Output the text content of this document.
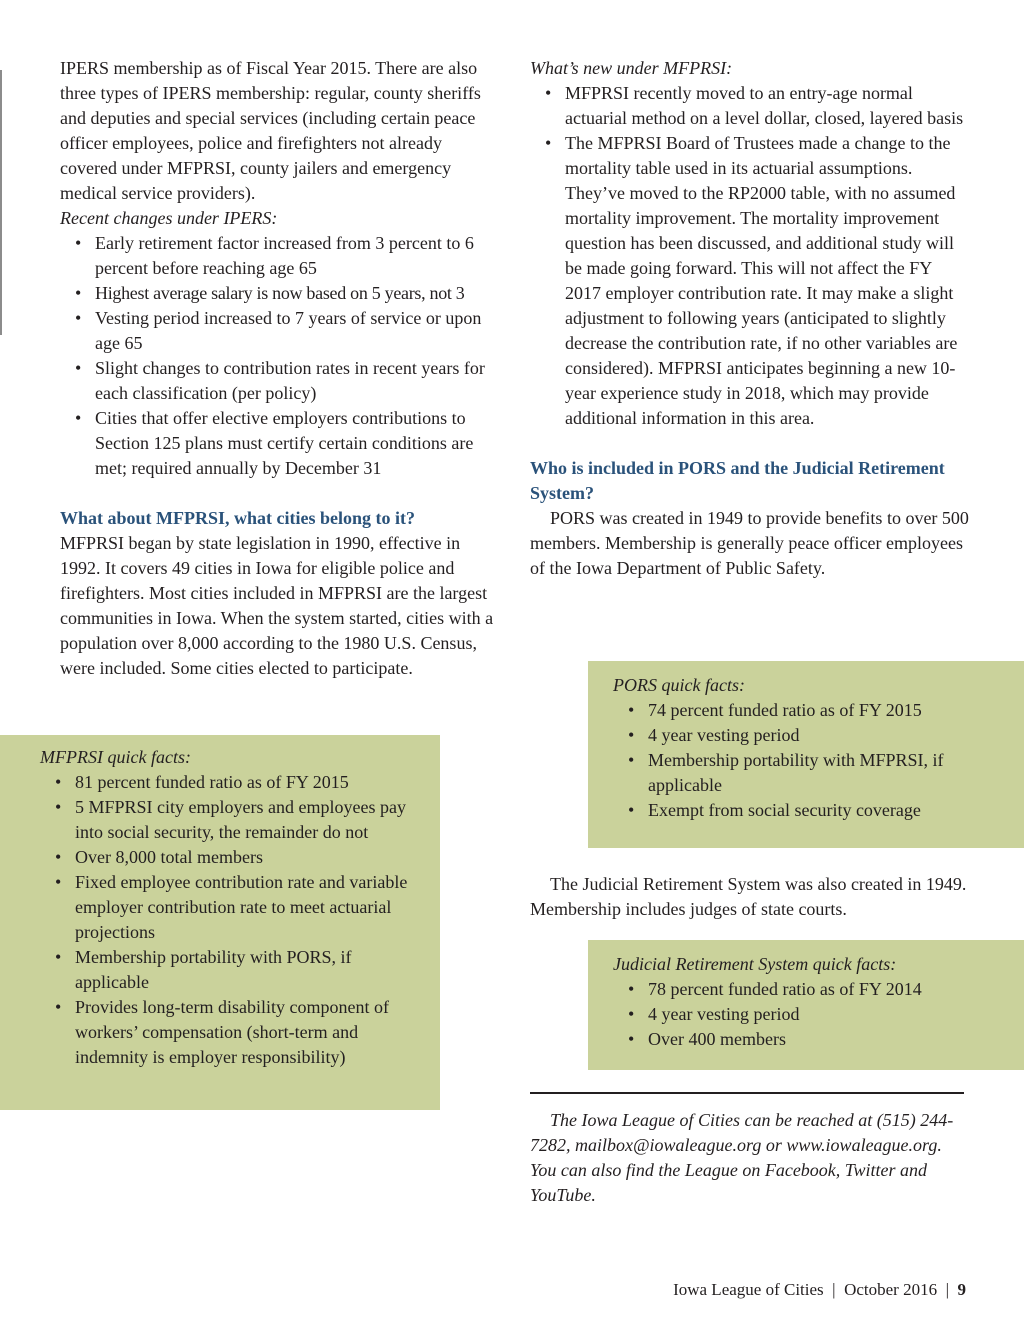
IPERS membership as of Fiscal Year 2015. There are also three types of IPERS membership: regular, county sheriffs and deputies and special services (including certain peace officer employees, police and firefighters not already covered under MFPRSI, county jailers and emergency medical service providers).

Recent changes under IPERS:

• Early retirement factor increased from 3 percent to 6 percent before reaching age 65
• Highest average salary is now based on 5 years, not 3
• Vesting period increased to 7 years of service or upon age 65
• Slight changes to contribution rates in recent years for each classification (per policy)
• Cities that offer elective employers contributions to Section 125 plans must certify certain conditions are met; required annually by December 31

What about MFPRSI, what cities belong to it?

MFPRSI began by state legislation in 1990, effective in 1992. It covers 49 cities in Iowa for eligible police and firefighters. Most cities included in MFPRSI are the largest communities in Iowa. When the system started, cities with a population over 8,000 according to the 1980 U.S. Census, were included. Some cities elected to participate.

MFPRSI quick facts:

• 81 percent funded ratio as of FY 2015
• 5 MFPRSI city employers and employees pay into social security, the remainder do not
• Over 8,000 total members
• Fixed employee contribution rate and variable employer contribution rate to meet actuarial projections
• Membership portability with PORS, if applicable
• Provides long-term disability component of workers’ compensation (short-term and indemnity is employer responsibility)

What’s new under MFPRSI:

• MFPRSI recently moved to an entry-age normal actuarial method on a level dollar, closed, layered basis
• The MFPRSI Board of Trustees made a change to the mortality table used in its actuarial assumptions. They’ve moved to the RP2000 table, with no assumed mortality improvement. The mortality improvement question has been discussed, and additional study will be made going forward. This will not affect the FY 2017 employer contribution rate. It may make a slight adjustment to following years (anticipated to slightly decrease the contribution rate, if no other variables are considered). MFPRSI anticipates beginning a new 10-year experience study in 2018, which may provide additional information in this area.

Who is included in PORS and the Judicial Retirement System?

PORS was created in 1949 to provide benefits to over 500 members. Membership is generally peace officer employees of the Iowa Department of Public Safety.

PORS quick facts:

• 74 percent funded ratio as of FY 2015
• 4 year vesting period
• Membership portability with MFPRSI, if applicable
• Exempt from social security coverage

The Judicial Retirement System was also created in 1949. Membership includes judges of state courts.

Judicial Retirement System quick facts:

• 78 percent funded ratio as of FY 2014
• 4 year vesting period
• Over 400 members

The Iowa League of Cities can be reached at (515) 244-7282, mailbox@iowaleague.org or www.iowaleague.org. You can also find the League on Facebook, Twitter and YouTube.

Iowa League of Cities  |  October 2016  |  9
